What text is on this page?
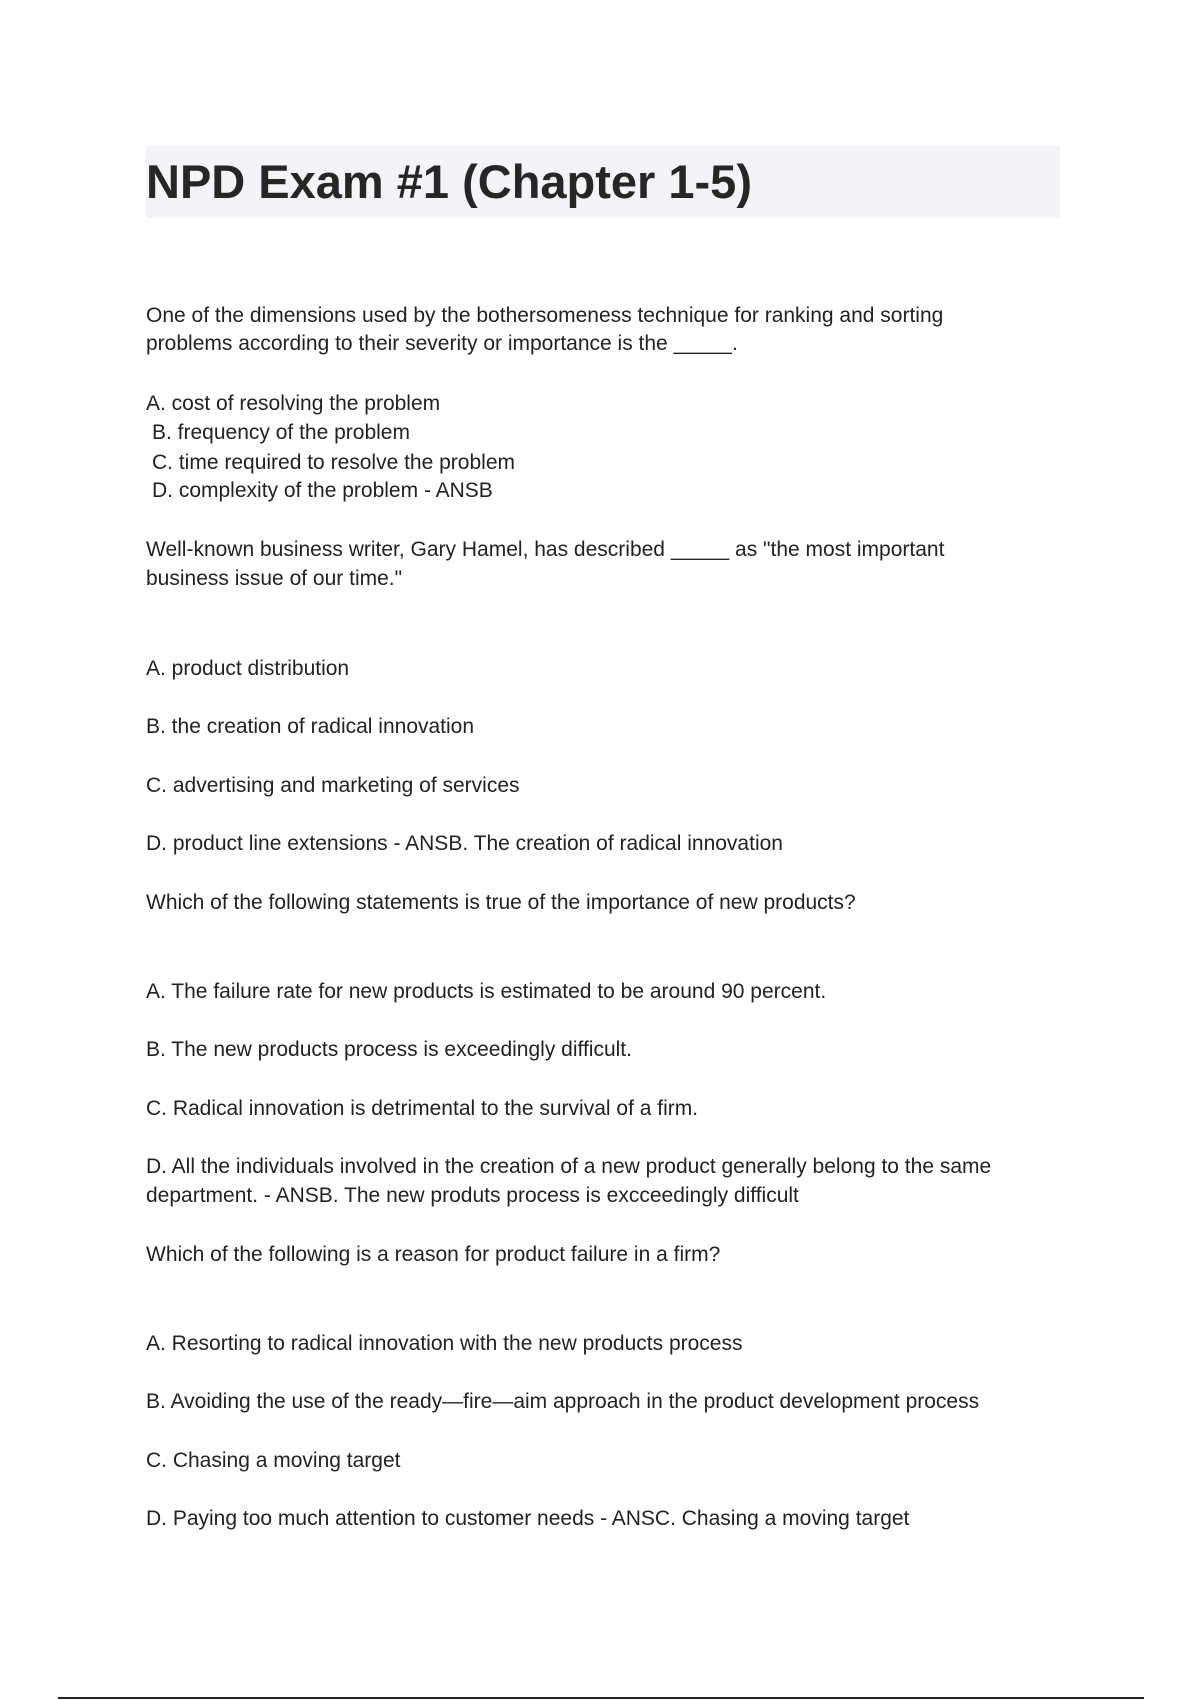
NPD Exam #1 (Chapter 1-5)
One of the dimensions used by the bothersomeness technique for ranking and sorting
problems according to their severity or importance is the _____.
A. cost of resolving the problem
B. frequency of the problem
C. time required to resolve the problem
D. complexity of the problem - ANSB
Well-known business writer, Gary Hamel, has described _____ as "the most important
business issue of our time."
A. product distribution
B. the creation of radical innovation
C. advertising and marketing of services
D. product line extensions - ANSB. The creation of radical innovation
Which of the following statements is true of the importance of new products?
A. The failure rate for new products is estimated to be around 90 percent.
B. The new products process is exceedingly difficult.
C. Radical innovation is detrimental to the survival of a firm.
D. All the individuals involved in the creation of a new product generally belong to the same
department. - ANSB. The new produts process is excceedingly difficult
Which of the following is a reason for product failure in a firm?
A. Resorting to radical innovation with the new products process
B. Avoiding the use of the ready—fire—aim approach in the product development process
C. Chasing a moving target
D. Paying too much attention to customer needs - ANSC. Chasing a moving target
